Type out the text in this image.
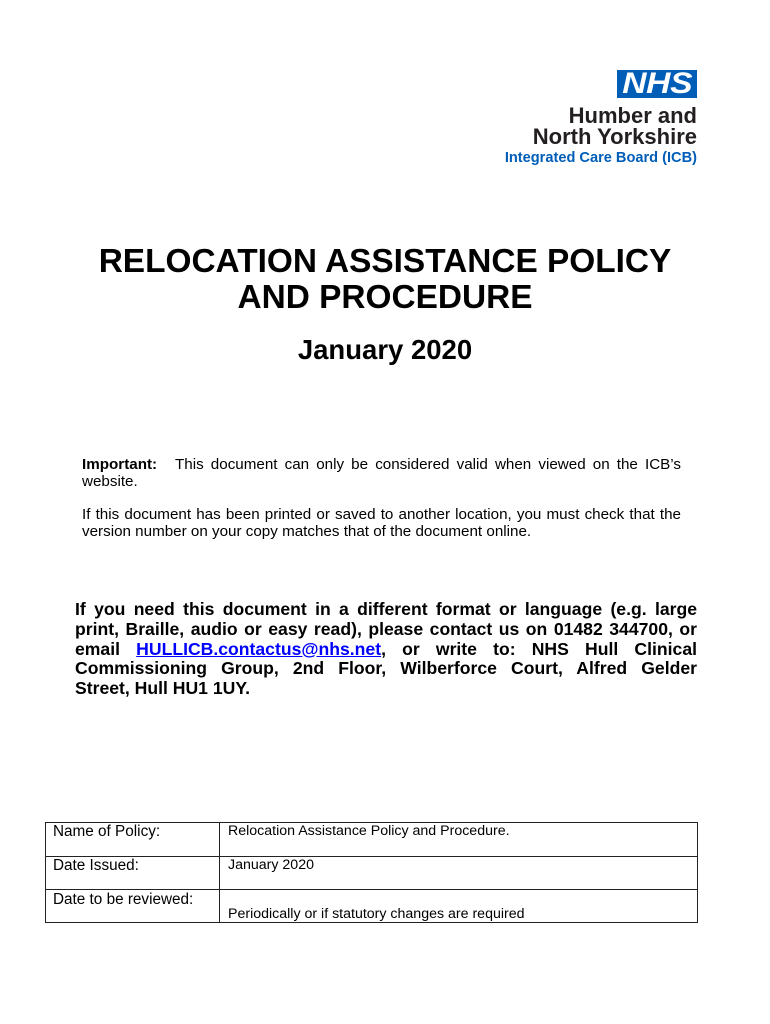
NHS
Humber and
North Yorkshire
Integrated Care Board (ICB)
RELOCATION ASSISTANCE POLICY
AND PROCEDURE
January 2020
Important: This document can only be considered valid when viewed on the ICB’s website.
If this document has been printed or saved to another location, you must check that the version number on your copy matches that of the document online.
If you need this document in a different format or language (e.g. large
print, Braille, audio or easy read), please contact us on 01482 344700, or
email HULLICB.contactus@nhs.net, or write to: NHS Hull Clinical
Commissioning Group, 2nd Floor, Wilberforce Court, Alfred Gelder
Street, Hull HU1 1UY.
Name of Policy:	Relocation Assistance Policy and Procedure.
Date Issued:	January 2020
Date to be reviewed:	Periodically or if statutory changes are required
